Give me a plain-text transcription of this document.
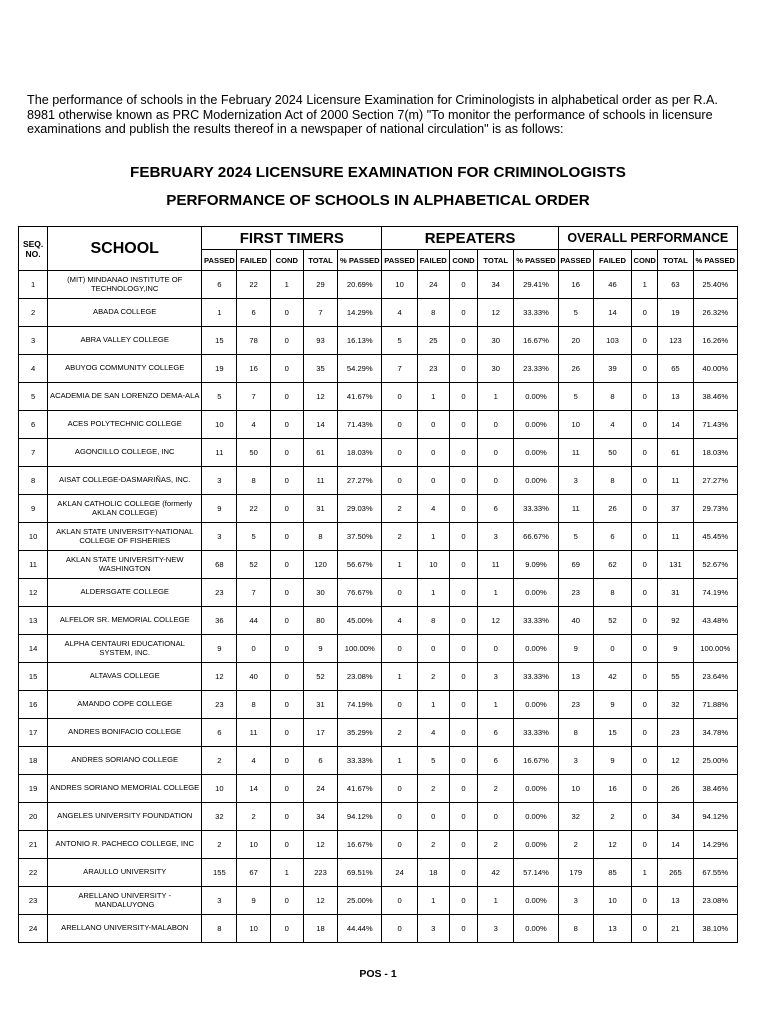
The performance of schools in the February 2024 Licensure Examination for Criminologists in alphabetical order as per R.A. 8981 otherwise known as PRC Modernization Act of 2000 Section 7(m) "To monitor the performance of schools in licensure examinations and publish the results thereof in a newspaper of national circulation" is as follows:
FEBRUARY 2024 LICENSURE EXAMINATION FOR CRIMINOLOGISTS
PERFORMANCE OF SCHOOLS IN ALPHABETICAL ORDER
SEQ. NO.	SCHOOL	FIRST TIMERS					REPEATERS					OVERALL PERFORMANCE				
		PASSED	FAILED	COND	TOTAL	% PASSED	PASSED	FAILED	COND	TOTAL	% PASSED	PASSED	FAILED	COND	TOTAL	% PASSED
1	(MIT) MINDANAO INSTITUTE OF TECHNOLOGY,INC	6	22	1	29	20.69%	10	24	0	34	29.41%	16	46	1	63	25.40%
2	ABADA COLLEGE	1	6	0	7	14.29%	4	8	0	12	33.33%	5	14	0	19	26.32%
3	ABRA VALLEY COLLEGE	15	78	0	93	16.13%	5	25	0	30	16.67%	20	103	0	123	16.26%
4	ABUYOG COMMUNITY COLLEGE	19	16	0	35	54.29%	7	23	0	30	23.33%	26	39	0	65	40.00%
5	ACADEMIA DE SAN LORENZO DEMA-ALA	5	7	0	12	41.67%	0	1	0	1	0.00%	5	8	0	13	38.46%
6	ACES POLYTECHNIC COLLEGE	10	4	0	14	71.43%	0	0	0	0	0.00%	10	4	0	14	71.43%
7	AGONCILLO COLLEGE, INC	11	50	0	61	18.03%	0	0	0	0	0.00%	11	50	0	61	18.03%
8	AISAT COLLEGE-DASMARIÑAS, INC.	3	8	0	11	27.27%	0	0	0	0	0.00%	3	8	0	11	27.27%
9	AKLAN CATHOLIC COLLEGE (formerly AKLAN COLLEGE)	9	22	0	31	29.03%	2	4	0	6	33.33%	11	26	0	37	29.73%
10	AKLAN STATE UNIVERSITY-NATIONAL COLLEGE OF FISHERIES	3	5	0	8	37.50%	2	1	0	3	66.67%	5	6	0	11	45.45%
11	AKLAN STATE UNIVERSITY-NEW WASHINGTON	68	52	0	120	56.67%	1	10	0	11	9.09%	69	62	0	131	52.67%
12	ALDERSGATE COLLEGE	23	7	0	30	76.67%	0	1	0	1	0.00%	23	8	0	31	74.19%
13	ALFELOR SR. MEMORIAL COLLEGE	36	44	0	80	45.00%	4	8	0	12	33.33%	40	52	0	92	43.48%
14	ALPHA CENTAURI EDUCATIONAL SYSTEM, INC.	9	0	0	9	100.00%	0	0	0	0	0.00%	9	0	0	9	100.00%
15	ALTAVAS COLLEGE	12	40	0	52	23.08%	1	2	0	3	33.33%	13	42	0	55	23.64%
16	AMANDO COPE COLLEGE	23	8	0	31	74.19%	0	1	0	1	0.00%	23	9	0	32	71.88%
17	ANDRES BONIFACIO COLLEGE	6	11	0	17	35.29%	2	4	0	6	33.33%	8	15	0	23	34.78%
18	ANDRES SORIANO COLLEGE	2	4	0	6	33.33%	1	5	0	6	16.67%	3	9	0	12	25.00%
19	ANDRES SORIANO MEMORIAL COLLEGE	10	14	0	24	41.67%	0	2	0	2	0.00%	10	16	0	26	38.46%
20	ANGELES UNIVERSITY FOUNDATION	32	2	0	34	94.12%	0	0	0	0	0.00%	32	2	0	34	94.12%
21	ANTONIO R. PACHECO COLLEGE, INC	2	10	0	12	16.67%	0	2	0	2	0.00%	2	12	0	14	14.29%
22	ARAULLO UNIVERSITY	155	67	1	223	69.51%	24	18	0	42	57.14%	179	85	1	265	67.55%
23	ARELLANO UNIVERSITY - MANDALUYONG	3	9	0	12	25.00%	0	1	0	1	0.00%	3	10	0	13	23.08%
24	ARELLANO UNIVERSITY-MALABON	8	10	0	18	44.44%	0	3	0	3	0.00%	8	13	0	21	38.10%
POS - 1
